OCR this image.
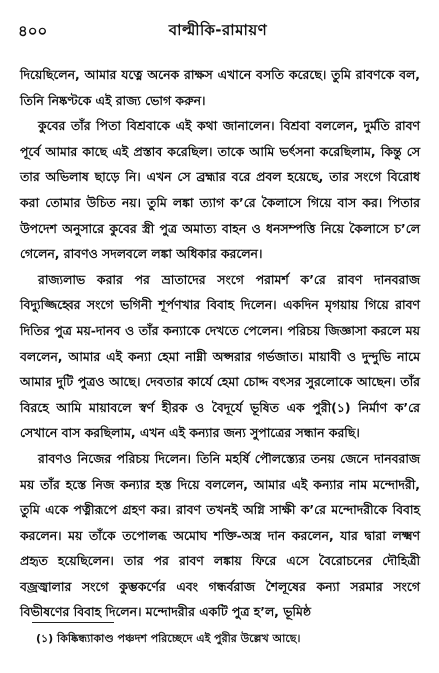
৪০০	বাল্মীকি-রামায়ণ

দিয়েছিলেন, আমার যত্নে অনেক রাক্ষস এখানে বসতি করেছে। তুমি রাবণকে বল, তিনি নিষ্কণ্টকে এই রাজ্য ভোগ করুন।

কুবের তাঁর পিতা বিশ্রবাকে এই কথা জানালেন। বিশ্রবা বললেন, দুর্মতি রাবণ পূর্বে আমার কাছে এই প্রস্তাব করেছিল। তাকে আমি ভর্ৎসনা করেছিলাম, কিন্তু সে তার অভিলাষ ছাড়ে নি। এখন সে ব্রহ্মার বরে প্রবল হয়েছে, তার সংগে বিরোধ করা তোমার উচিত নয়। তুমি লঙ্কা ত্যাগ ক’রে কৈলাসে গিয়ে বাস কর। পিতার উপদেশ অনুসারে কুবের স্ত্রী পুত্র অমাত্য বাহন ও ধনসম্পত্তি নিয়ে কৈলাসে চ’লে গেলেন, রাবণও সদলবলে লঙ্কা অধিকার করলেন।

রাজ্যলাভ করার পর ভ্রাতাদের সংগে পরামর্শ ক’রে রাবণ দানবরাজ বিদ্যুজ্জিহ্বের সংগে ভগিনী শূর্পণখার বিবাহ দিলেন। একদিন মৃগয়ায় গিয়ে রাবণ দিতির পুত্র ময়-দানব ও তাঁর কন্যাকে দেখতে পেলেন। পরিচয় জিজ্ঞাসা করলে ময় বললেন, আমার এই কন্যা হেমা নাম্নী অপ্সরার গর্ভজাত। মায়াবী ও দুন্দুভি নামে আমার দুটি পুত্রও আছে। দেবতার কার্যে হেমা চোদ্দ বৎসর সুরলোকে আছেন। তাঁর বিরহে আমি মায়াবলে স্বর্ণ হীরক ও বৈদূর্যে ভূষিত এক পুরী(১) নির্মাণ ক’রে সেখানে বাস করছিলাম, এখন এই কন্যার জন্য সুপাত্রের সন্ধান করছি।

রাবণও নিজের পরিচয় দিলেন। তিনি মহর্ষি পৌলস্ত্যের তনয় জেনে দানবরাজ ময় তাঁর হস্তে নিজ কন্যার হস্ত দিয়ে বললেন, আমার এই কন্যার নাম মন্দোদরী, তুমি একে পত্নীরূপে গ্রহণ কর। রাবণ তখনই অগ্নি সাক্ষী ক’রে মন্দোদরীকে বিবাহ করলেন। ময় তাঁকে তপোলব্ধ অমোঘ শক্তি-অস্ত্র দান করলেন, যার দ্বারা লক্ষ্মণ প্রহৃত হয়েছিলেন। তার পর রাবণ লঙ্কায় ফিরে এসে বৈরোচনের দৌহিত্রী বজ্রজ্বালার সংগে কুম্ভকর্ণের এবং গন্ধর্বরাজ শৈলূষের কন্যা সরমার সংগে বিভীষণের বিবাহ দিলেন। মন্দোদরীর একটি পুত্র হ’ল, ভূমিষ্ঠ

(১) কিষ্কিন্ধ্যাকাণ্ড পঞ্চদশ পরিচ্ছেদে এই পুরীর উল্লেখ আছে।
